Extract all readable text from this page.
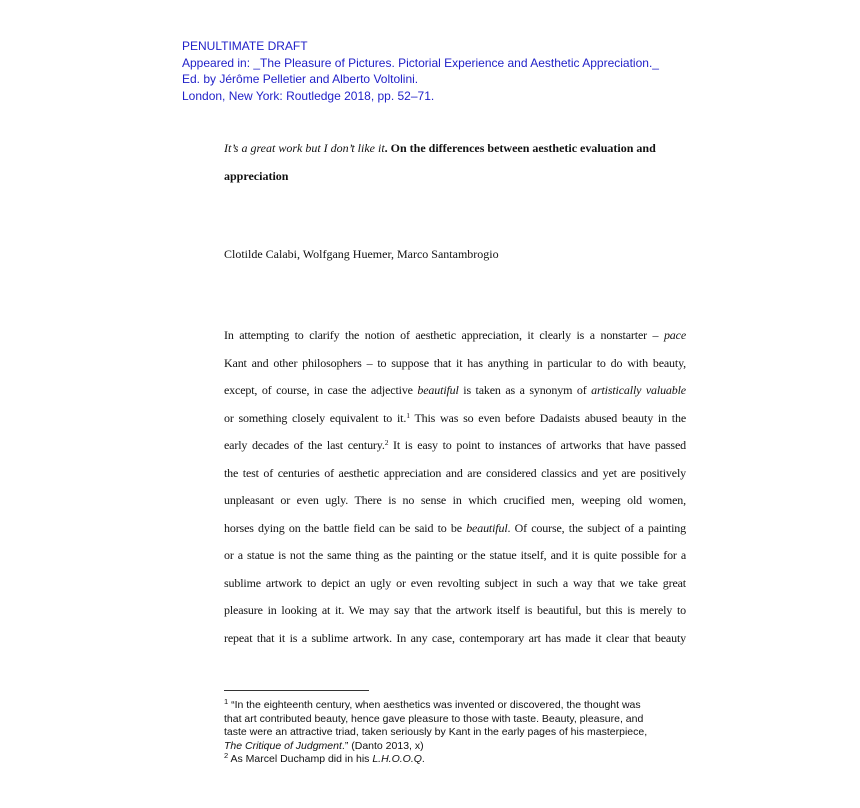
PENULTIMATE DRAFT
Appeared in: _The Pleasure of Pictures. Pictorial Experience and Aesthetic Appreciation._
Ed. by Jérôme Pelletier and Alberto Voltolini.
London, New York: Routledge 2018, pp. 52–71.
It’s a great work but I don’t like it. On the differences between aesthetic evaluation and
appreciation
Clotilde Calabi, Wolfgang Huemer, Marco Santambrogio
In attempting to clarify the notion of aesthetic appreciation, it clearly is a nonstarter – pace
Kant and other philosophers – to suppose that it has anything in particular to do with beauty,
except, of course, in case the adjective beautiful is taken as a synonym of artistically valuable
or something closely equivalent to it.$^1$ This was so even before Dadaists abused beauty in the
early decades of the last century.$^2$ It is easy to point to instances of artworks that have passed
the test of centuries of aesthetic appreciation and are considered classics and yet are positively
unpleasant or even ugly. There is no sense in which crucified men, weeping old women,
horses dying on the battle field can be said to be beautiful. Of course, the subject of a painting
or a statue is not the same thing as the painting or the statue itself, and it is quite possible for a
sublime artwork to depict an ugly or even revolting subject in such a way that we take great
pleasure in looking at it. We may say that the artwork itself is beautiful, but this is merely to
repeat that it is a sublime artwork. In any case, contemporary art has made it clear that beauty
$^1$ “In the eighteenth century, when aesthetics was invented or discovered, the thought was
that art contributed beauty, hence gave pleasure to those with taste. Beauty, pleasure, and
taste were an attractive triad, taken seriously by Kant in the early pages of his masterpiece,
The Critique of Judgment.” (Danto 2013, x)
$^2$ As Marcel Duchamp did in his L.H.O.O.Q.
